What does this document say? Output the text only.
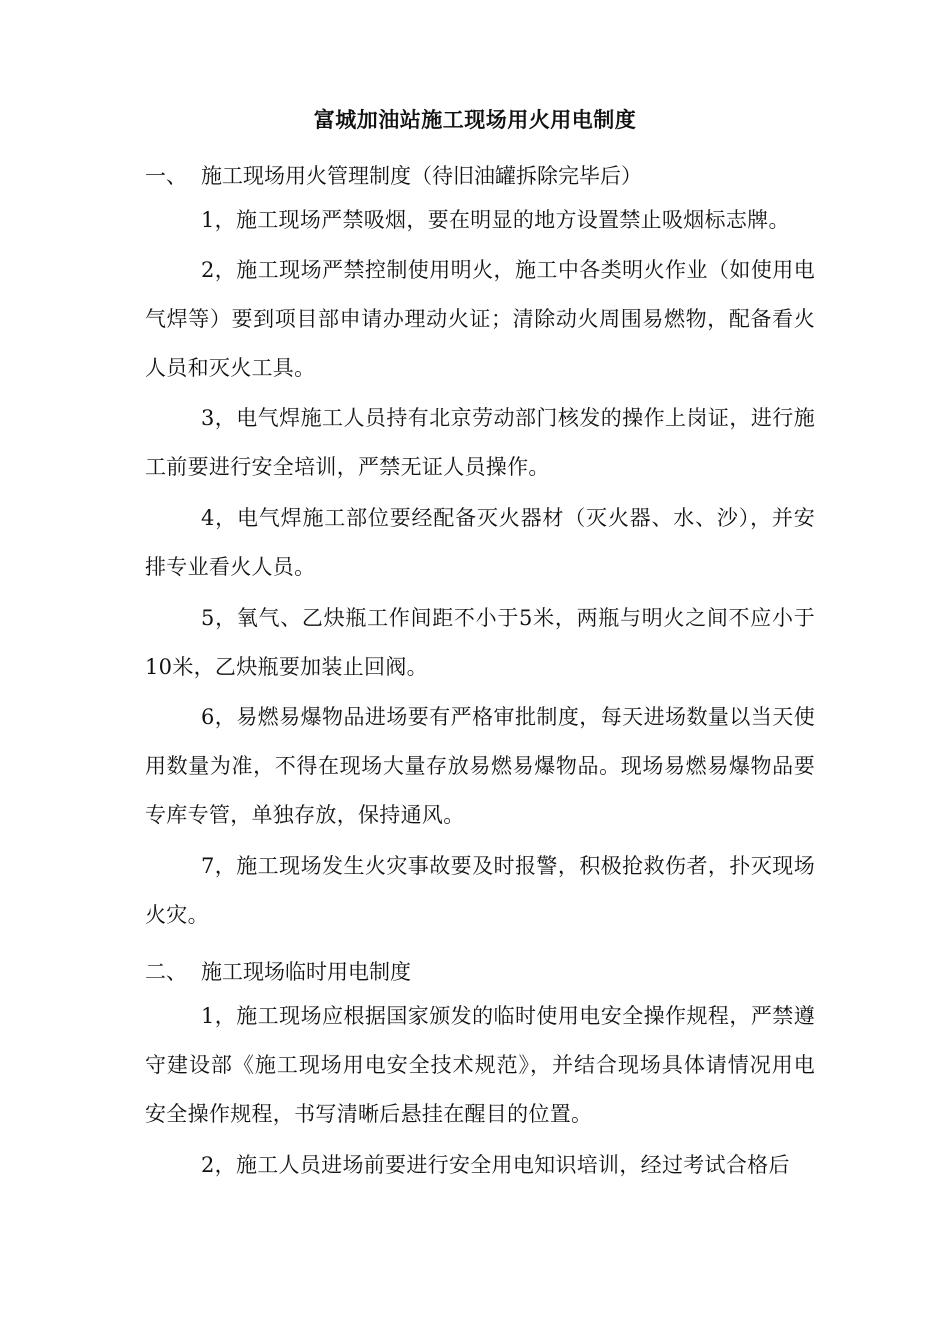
富城加油站施工现场用火用电制度
一、 施工现场用火管理制度（待旧油罐拆除完毕后）

1，施工现场严禁吸烟，要在明显的地方设置禁止吸烟标志牌。

2，施工现场严禁控制使用明火，施工中各类明火作业（如使用电气焊等）要到项目部申请办理动火证；清除动火周围易燃物，配备看火人员和灭火工具。

3，电气焊施工人员持有北京劳动部门核发的操作上岗证，进行施工前要进行安全培训，严禁无证人员操作。

4，电气焊施工部位要经配备灭火器材（灭火器、水、沙），并安排专业看火人员。

5，氧气、乙炔瓶工作间距不小于5米，两瓶与明火之间不应小于10米，乙炔瓶要加装止回阀。

6，易燃易爆物品进场要有严格审批制度，每天进场数量以当天使用数量为准，不得在现场大量存放易燃易爆物品。现场易燃易爆物品要专库专管，单独存放，保持通风。

7，施工现场发生火灾事故要及时报警，积极抢救伤者，扑灭现场火灾。

二、 施工现场临时用电制度

1，施工现场应根据国家颁发的临时使用电安全操作规程，严禁遵守建设部《施工现场用电安全技术规范》，并结合现场具体请情况用电安全操作规程，书写清晰后悬挂在醒目的位置。

2，施工人员进场前要进行安全用电知识培训，经过考试合格后
